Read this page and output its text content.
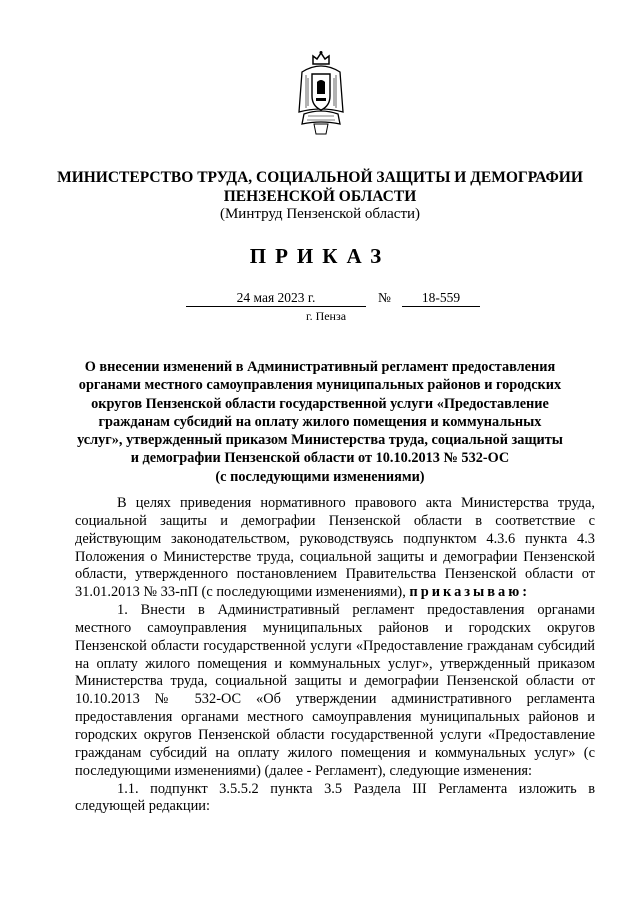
МИНИСТЕРСТВО ТРУДА, СОЦИАЛЬНОЙ ЗАЩИТЫ И ДЕМОГРАФИИ
ПЕНЗЕНСКОЙ ОБЛАСТИ
(Минтруд Пензенской области)
ПРИКАЗ
24 мая 2023 г.	№	18-559
г. Пенза
О внесении изменений в Административный регламент предоставления
органами местного самоуправления муниципальных районов и городских
округов Пензенской области государственной услуги «Предоставление
гражданам субсидий на оплату жилого помещения и коммунальных
услуг», утвержденный приказом Министерства труда, социальной защиты
и демографии Пензенской области от 10.10.2013 № 532-ОС
(с последующими изменениями)

В целях приведения нормативного правового акта Министерства труда, социальной защиты и демографии Пензенской области в соответствие с действующим законодательством, руководствуясь подпунктом 4.3.6 пункта 4.3 Положения о Министерстве труда, социальной защиты и демографии Пензенской области, утвержденного постановлением Правительства Пензенской области от 31.01.2013 № 33-пП (с последующими изменениями), приказываю:

1. Внести в Административный регламент предоставления органами местного самоуправления муниципальных районов и городских округов Пензенской области государственной услуги «Предоставление гражданам субсидий на оплату жилого помещения и коммунальных услуг», утвержденный приказом Министерства труда, социальной защиты и демографии Пензенской области от 10.10.2013 № 532-ОС «Об утверждении административного регламента предоставления органами местного самоуправления муниципальных районов и городских округов Пензенской области государственной услуги «Предоставление гражданам субсидий на оплату жилого помещения и коммунальных услуг» (с последующими изменениями) (далее - Регламент), следующие изменения:

1.1. подпункт 3.5.5.2 пункта 3.5 Раздела III Регламента изложить в следующей редакции:
